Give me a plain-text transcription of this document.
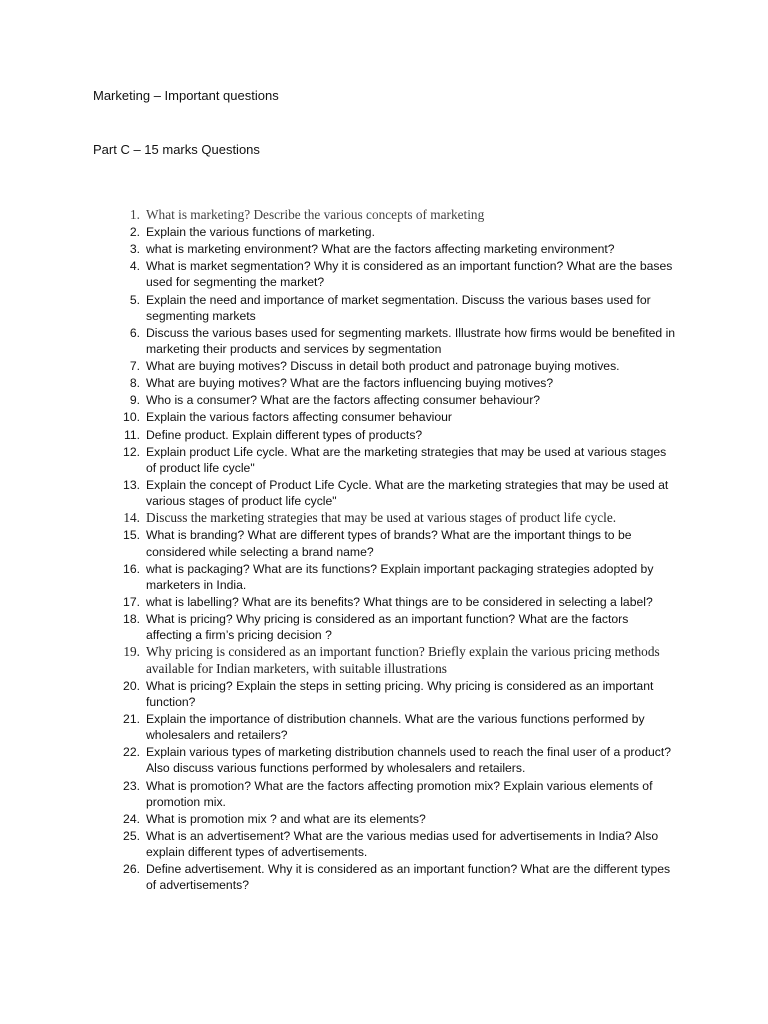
Marketing – Important questions
Part C – 15 marks Questions
1. What is marketing? Describe the various concepts of marketing
2. Explain the various functions of marketing.
3. what is marketing environment? What are the factors affecting marketing environment?
4. What is market segmentation? Why it is considered as an important function? What are the bases used for segmenting the market?
5. Explain the need and importance of market segmentation. Discuss the various bases used for segmenting markets
6. Discuss the various bases used for segmenting markets. Illustrate how firms would be benefited in marketing their products and services by segmentation
7. What are buying motives? Discuss in detail both product and patronage buying motives.
8. What are buying motives? What are the factors influencing buying motives?
9. Who is a consumer? What are the factors affecting consumer behaviour?
10. Explain the various factors affecting consumer behaviour
11. Define product. Explain different types of products?
12. Explain product Life cycle. What are the marketing strategies that may be used at various stages of product life cycle"
13. Explain the concept of Product Life Cycle. What are the marketing strategies that may be used at various stages of product life cycle"
14. Discuss the marketing strategies that may be used at various stages of product life cycle.
15. What is branding? What are different types of brands? What are the important things to be considered while selecting a brand name?
16. what is packaging? What are its functions? Explain important packaging strategies adopted by marketers in India.
17. what is labelling? What are its benefits? What things are to be considered in selecting a label?
18. What is pricing? Why pricing is considered as an important function? What are the factors affecting a firm’s pricing decision ?
19. Why pricing is considered as an important function? Briefly explain the various pricing methods available for Indian marketers, with suitable illustrations
20. What is pricing? Explain the steps in setting pricing. Why pricing is considered as an important function?
21. Explain the importance of distribution channels. What are the various functions performed by wholesalers and retailers?
22. Explain various types of marketing distribution channels used to reach the final user of a product? Also discuss various functions performed by wholesalers and retailers.
23. What is promotion? What are the factors affecting promotion mix? Explain various elements of promotion mix.
24. What is promotion mix ? and what are its elements?
25. What is an advertisement? What are the various medias used for advertisements in India? Also explain different types of advertisements.
26. Define advertisement. Why it is considered as an important function? What are the different types of advertisements?
